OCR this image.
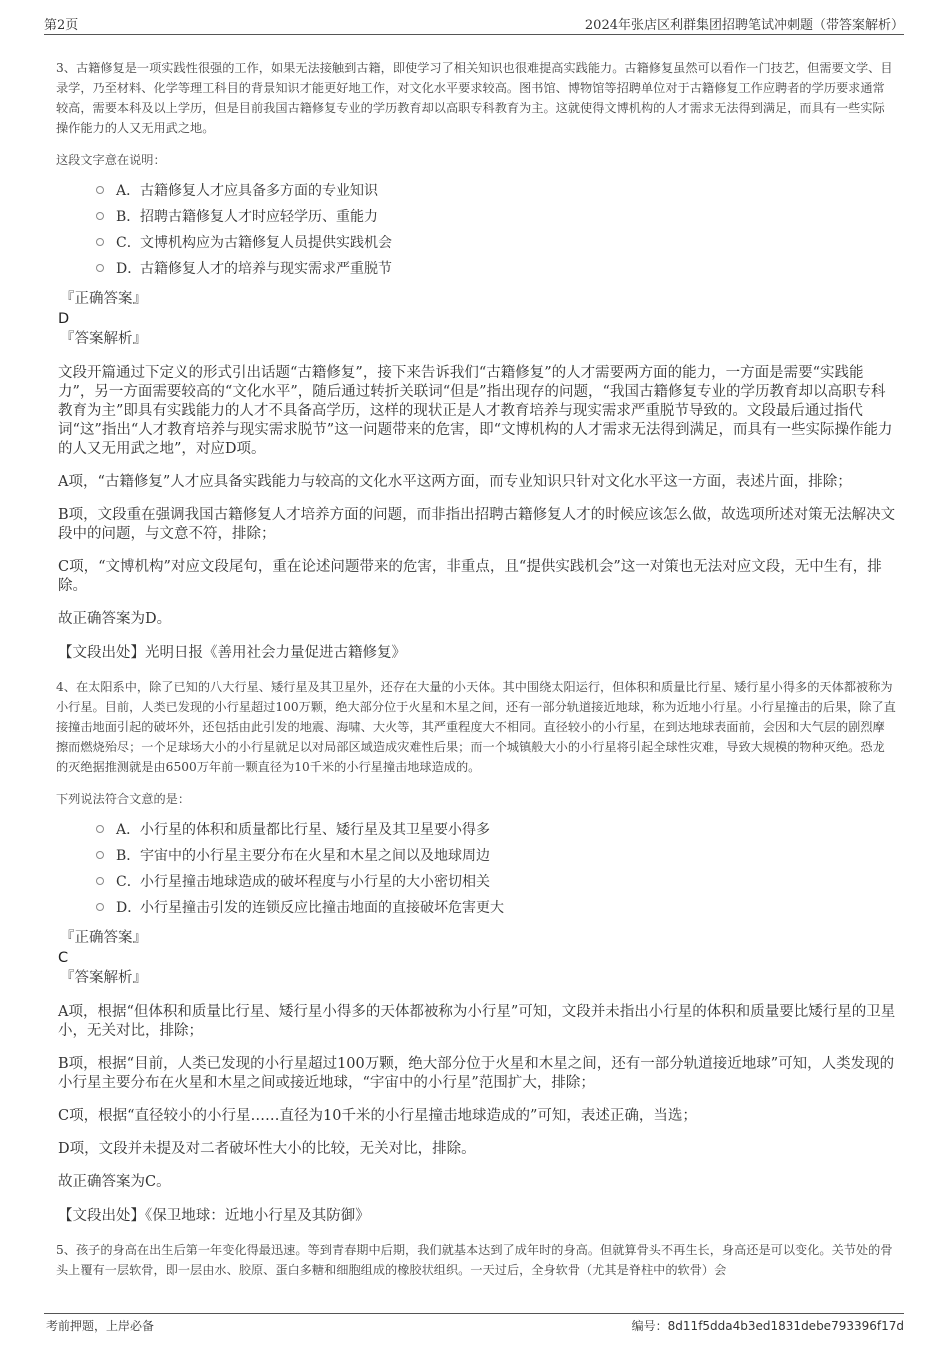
第2页	2024年张店区利群集团招聘笔试冲刺题（带答案解析）

3、古籍修复是一项实践性很强的工作，如果无法接触到古籍，即使学习了相关知识也很难提高实践能力。古籍修复虽然可以看作一门技艺，但需要文学、目录学，乃至材料、化学等理工科目的背景知识才能更好地工作，对文化水平要求较高。图书馆、博物馆等招聘单位对于古籍修复工作应聘者的学历要求通常较高，需要本科及以上学历，但是目前我国古籍修复专业的学历教育却以高职专科教育为主。这就使得文博机构的人才需求无法得到满足，而具有一些实际操作能力的人又无用武之地。

这段文字意在说明：

A．古籍修复人才应具备多方面的专业知识
B．招聘古籍修复人才时应轻学历、重能力
C．文博机构应为古籍修复人员提供实践机会
D．古籍修复人才的培养与现实需求严重脱节
『正确答案』
D
『答案解析』
文段开篇通过下定义的形式引出话题“古籍修复”，接下来告诉我们“古籍修复”的人才需要两方面的能力，一方面是需要“实践能力”，另一方面需要较高的“文化水平”，随后通过转折关联词“但是”指出现存的问题，“我国古籍修复专业的学历教育却以高职专科教育为主”即具有实践能力的人才不具备高学历，这样的现状正是人才教育培养与现实需求严重脱节导致的。文段最后通过指代词“这”指出“人才教育培养与现实需求脱节”这一问题带来的危害，即“文博机构的人才需求无法得到满足，而具有一些实际操作能力的人又无用武之地”，对应D项。
A项，“古籍修复”人才应具备实践能力与较高的文化水平这两方面，而专业知识只针对文化水平这一方面，表述片面，排除；
B项，文段重在强调我国古籍修复人才培养方面的问题，而非指出招聘古籍修复人才的时候应该怎么做，故选项所述对策无法解决文段中的问题，与文意不符，排除；
C项，“文博机构”对应文段尾句，重在论述问题带来的危害，非重点，且“提供实践机会”这一对策也无法对应文段，无中生有，排除。
故正确答案为D。
【文段出处】光明日报《善用社会力量促进古籍修复》

4、在太阳系中，除了已知的八大行星、矮行星及其卫星外，还存在大量的小天体。其中围绕太阳运行，但体积和质量比行星、矮行星小得多的天体都被称为小行星。目前，人类已发现的小行星超过100万颗，绝大部分位于火星和木星之间，还有一部分轨道接近地球，称为近地小行星。小行星撞击的后果，除了直接撞击地面引起的破坏外，还包括由此引发的地震、海啸、大火等，其严重程度大不相同。直径较小的小行星，在到达地球表面前，会因和大气层的剧烈摩擦而燃烧殆尽；一个足球场大小的小行星就足以对局部区域造成灾难性后果；而一个城镇般大小的小行星将引起全球性灾难，导致大规模的物种灭绝。恐龙的灭绝据推测就是由6500万年前一颗直径为10千米的小行星撞击地球造成的。

下列说法符合文意的是：

A．小行星的体积和质量都比行星、矮行星及其卫星要小得多
B．宇宙中的小行星主要分布在火星和木星之间以及地球周边
C．小行星撞击地球造成的破坏程度与小行星的大小密切相关
D．小行星撞击引发的连锁反应比撞击地面的直接破坏危害更大
『正确答案』
C
『答案解析』
A项，根据“但体积和质量比行星、矮行星小得多的天体都被称为小行星”可知，文段并未指出小行星的体积和质量要比矮行星的卫星小，无关对比，排除；
B项，根据“目前，人类已发现的小行星超过100万颗，绝大部分位于火星和木星之间，还有一部分轨道接近地球”可知，人类发现的小行星主要分布在火星和木星之间或接近地球，“宇宙中的小行星”范围扩大，排除；
C项，根据“直径较小的小行星……直径为10千米的小行星撞击地球造成的”可知，表述正确，当选；
D项，文段并未提及对二者破坏性大小的比较，无关对比，排除。
故正确答案为C。
【文段出处】《保卫地球：近地小行星及其防御》

5、孩子的身高在出生后第一年变化得最迅速。等到青春期中后期，我们就基本达到了成年时的身高。但就算骨头不再生长，身高还是可以变化。关节处的骨头上覆有一层软骨，即一层由水、胶原、蛋白多糖和细胞组成的橡胶状组织。一天过后，全身软骨（尤其是脊柱中的软骨）会

考前押题，上岸必备	编号：8d11f5dda4b3ed1831debe793396f17d
